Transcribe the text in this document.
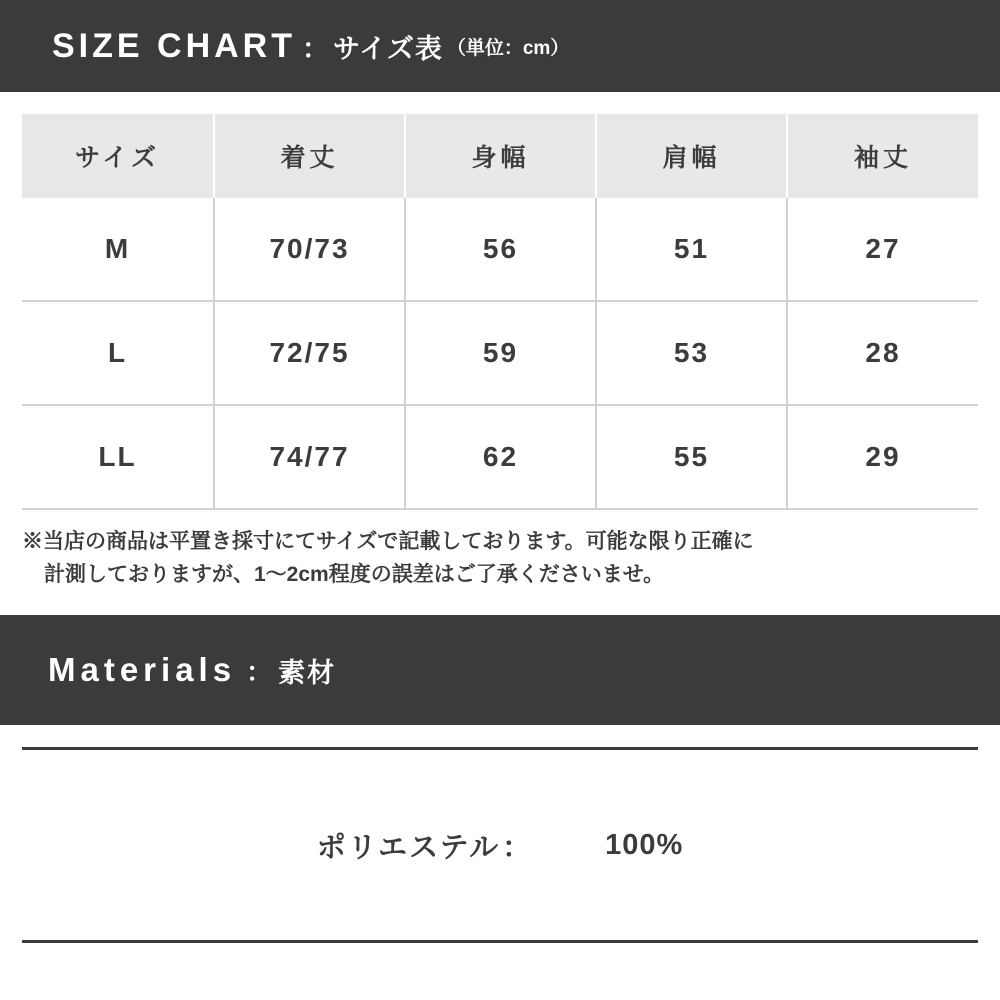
SIZE CHART ： サイズ表 （単位：cm）
サイズ	着丈	身幅	肩幅	袖丈
M	70/73	56	51	27
L	72/75	59	53	28
LL	74/77	62	55	29
※当店の商品は平置き採寸にてサイズで記載しております。可能な限り正確に
計測しておりますが、1〜2cm程度の誤差はご了承くださいませ。
Materials ： 素材
ポリエステル ：	100%
